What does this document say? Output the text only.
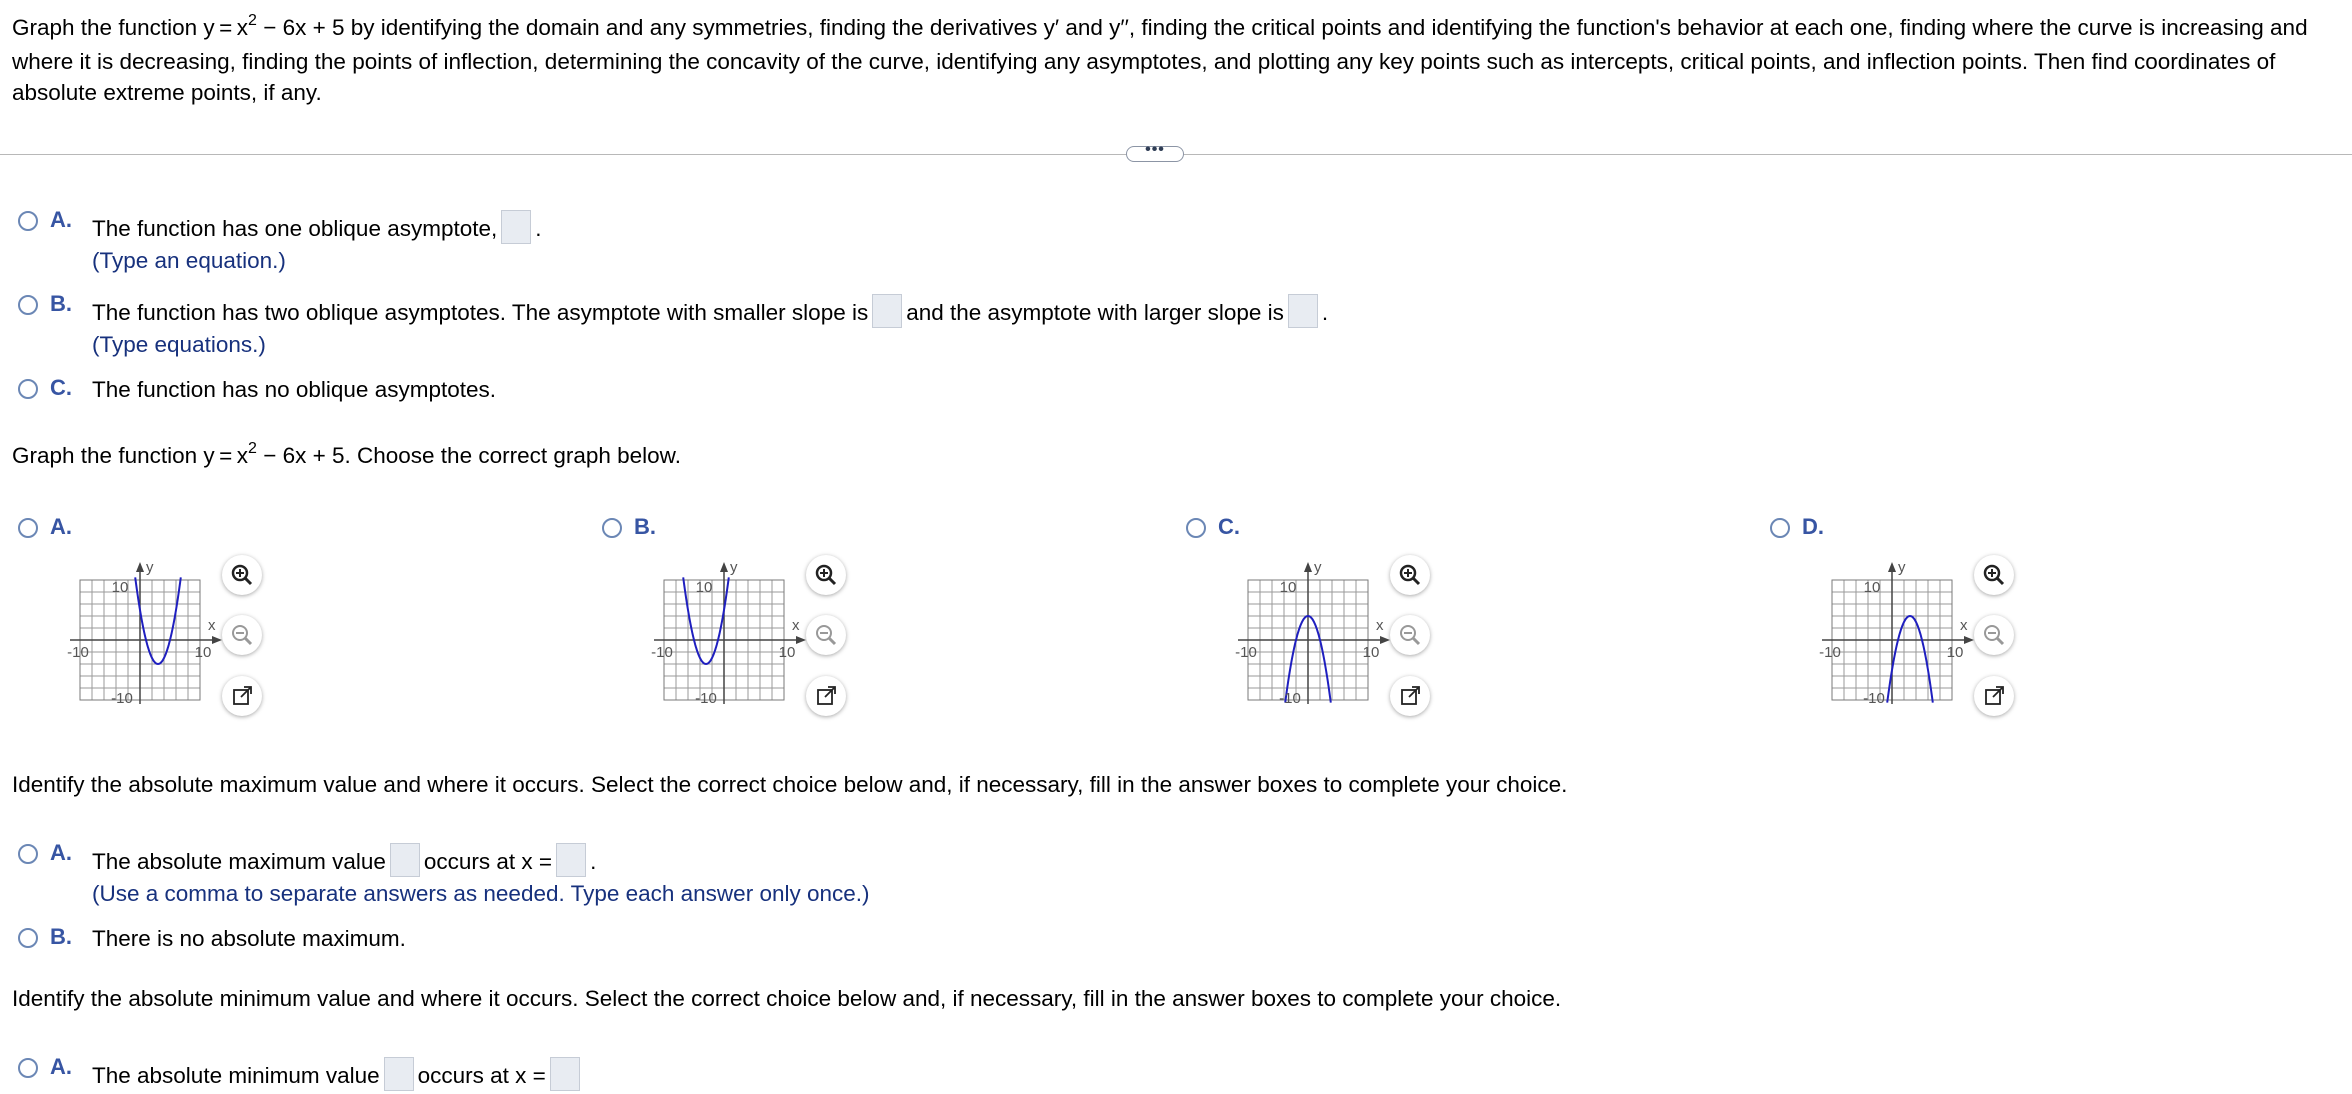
Graph the function $y = x^2 - 6x + 5$ by identifying the domain and any symmetries, finding the derivatives y′ and y′′, finding the critical points and identifying the function's behavior at each one, finding where the curve is increasing and where it is decreasing, finding the points of inflection, determining the concavity of the curve, identifying any asymptotes, and plotting any key points such as intercepts, critical points, and inflection points. Then find coordinates of absolute extreme points, if any.
•••
A. The function has one oblique asymptote, .
(Type an equation.)
B. The function has two oblique asymptotes. The asymptote with smaller slope is and the asymptote with larger slope is .
(Type equations.)
C. The function has no oblique asymptotes.
Graph the function $y = x^2 - 6x + 5$. Choose the correct graph below.
A.
y
x
10
-10
-10	10
B.
y
x
10
-10
-10	10
C.
y
x
10
-10
-10	10
D.
y
x
10
-10
-10	10
Identify the absolute maximum value and where it occurs. Select the correct choice below and, if necessary, fill in the answer boxes to complete your choice.
A. The absolute maximum value occurs at x = .
(Use a comma to separate answers as needed. Type each answer only once.)
B. There is no absolute maximum.
Identify the absolute minimum value and where it occurs. Select the correct choice below and, if necessary, fill in the answer boxes to complete your choice.
A. The absolute minimum value occurs at x =
